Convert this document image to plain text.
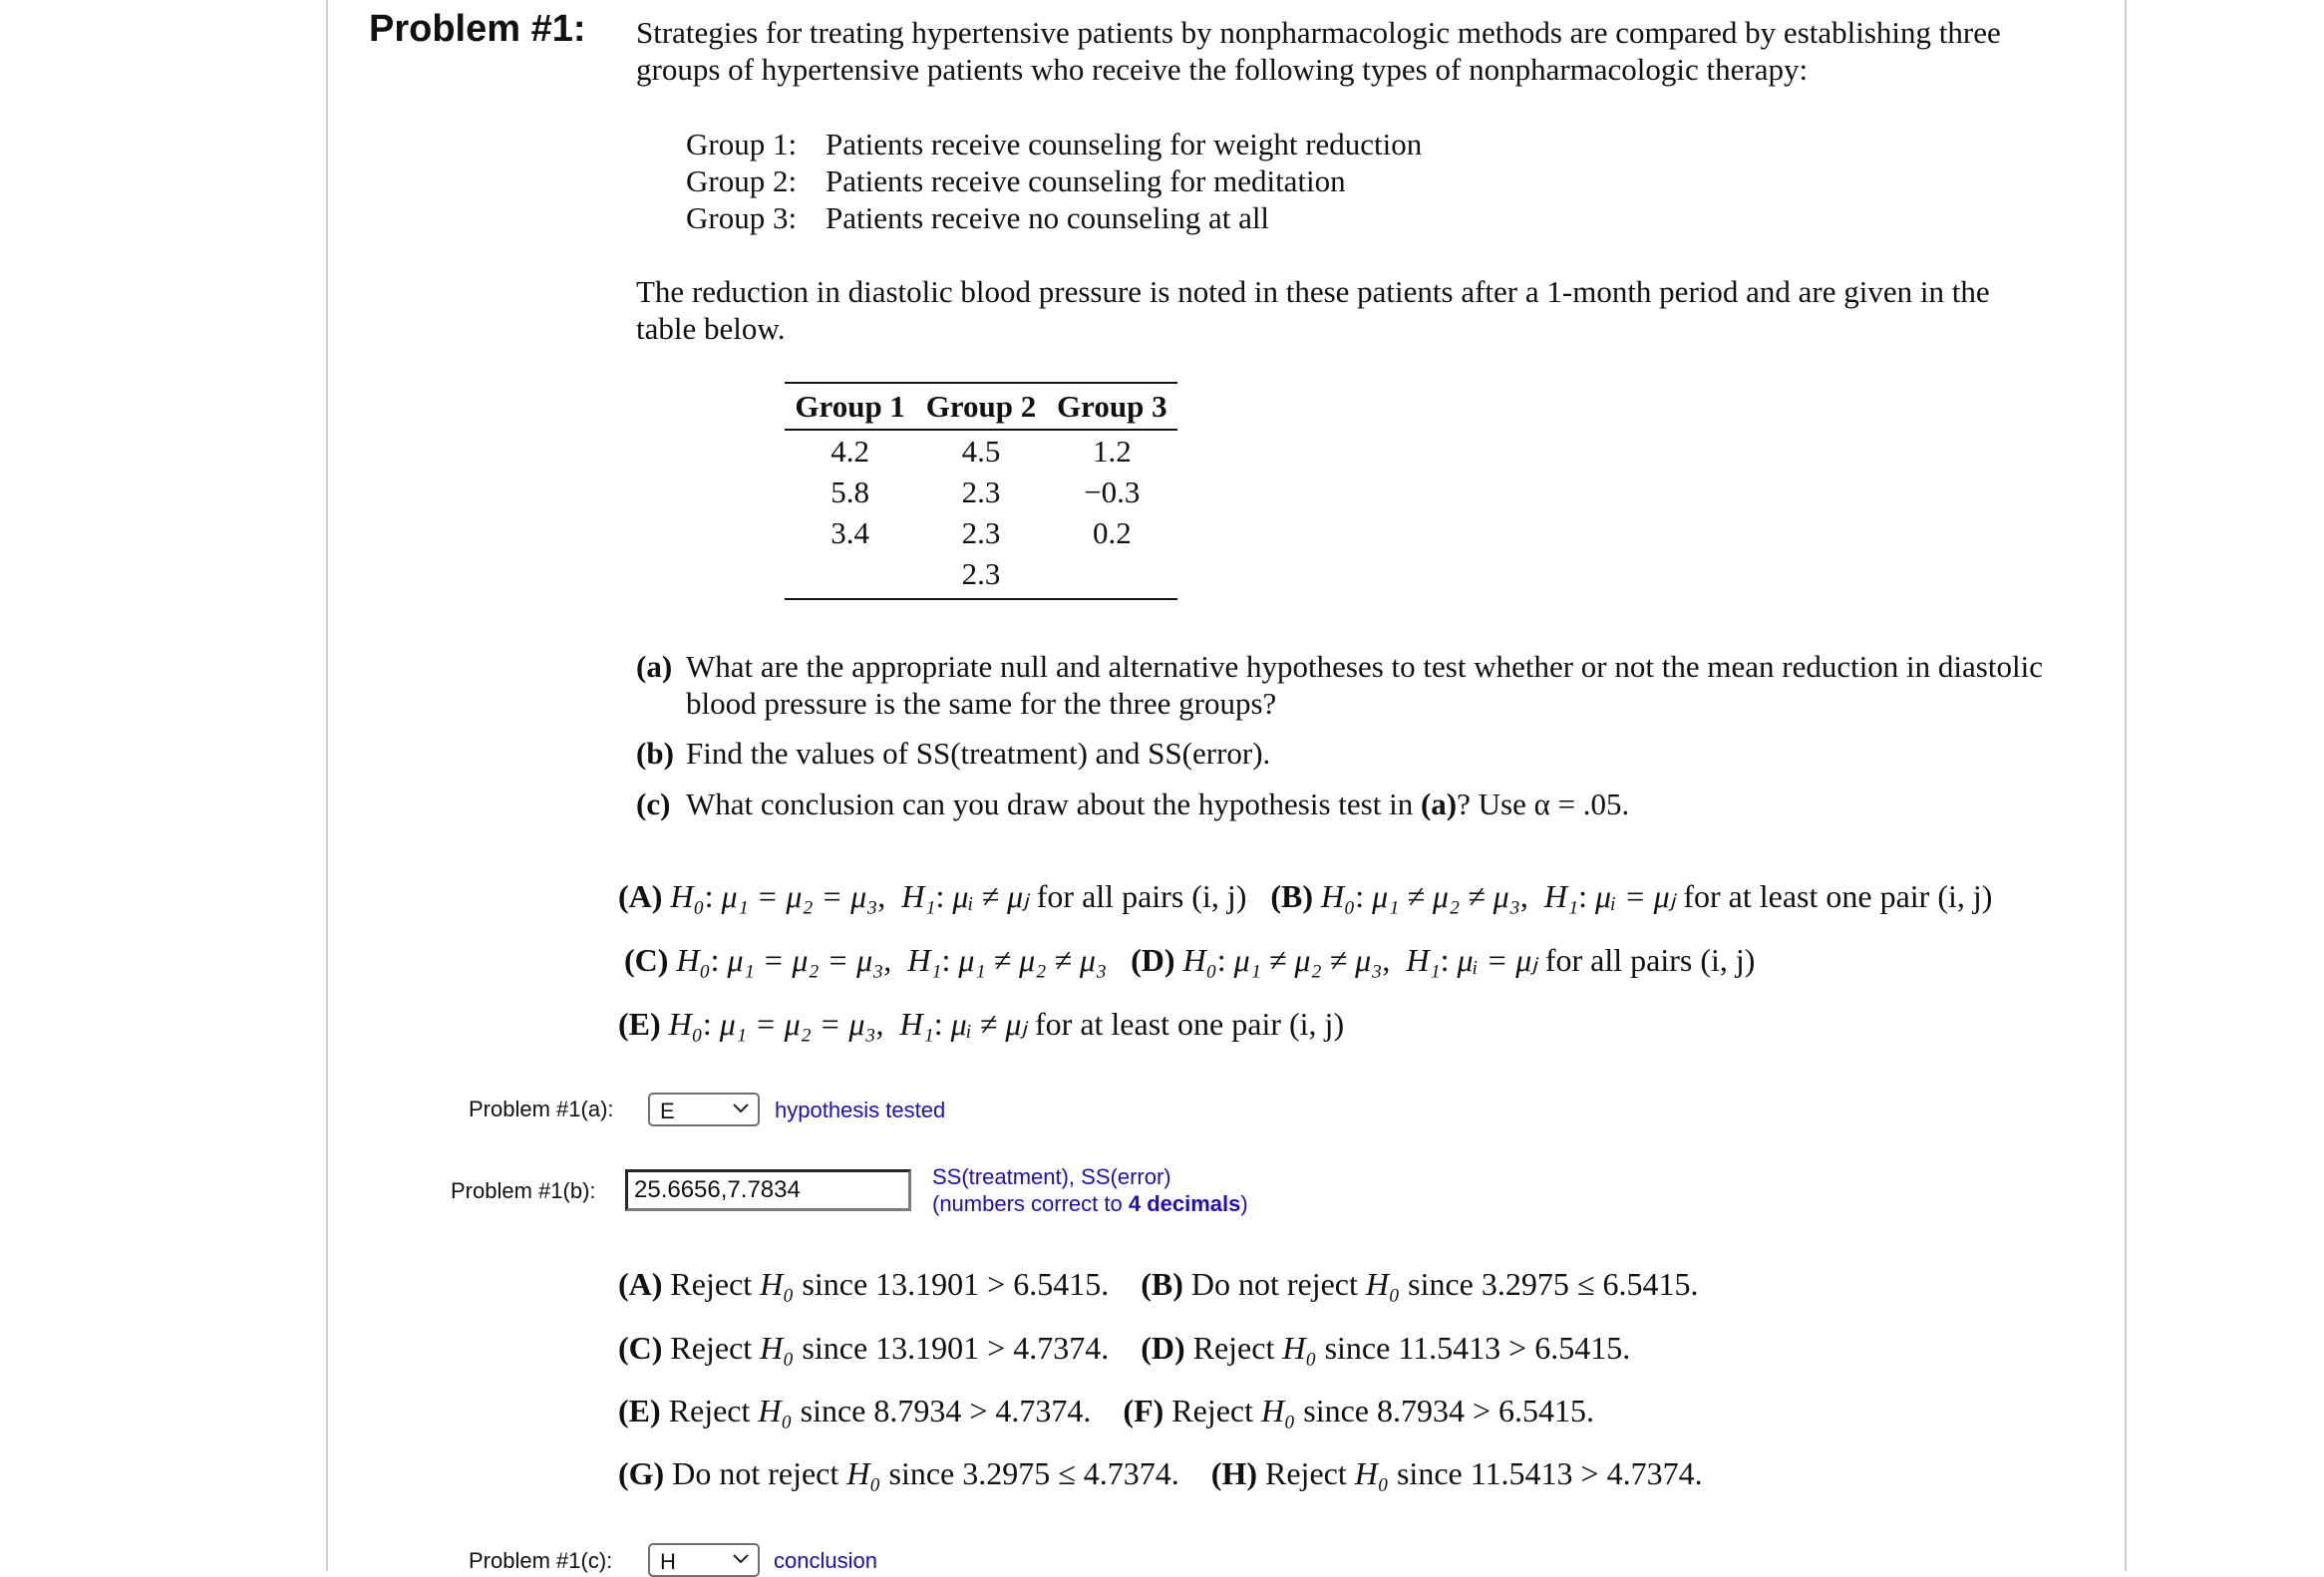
Problem #1: Strategies for treating hypertensive patients by nonpharmacologic methods are compared by establishing three
groups of hypertensive patients who receive the following types of nonpharmacologic therapy:
Group 1: Patients receive counseling for weight reduction
Group 2: Patients receive counseling for meditation
Group 3: Patients receive no counseling at all
The reduction in diastolic blood pressure is noted in these patients after a 1-month period and are given in the
table below.
Group 1	Group 2	Group 3
4.2	4.5	1.2
5.8	2.3	−0.3
3.4	2.3	0.2
	2.3	
(a) What are the appropriate null and alternative hypotheses to test whether or not the mean reduction in diastolic
blood pressure is the same for the three groups?
(b) Find the values of SS(treatment) and SS(error).
(c) What conclusion can you draw about the hypothesis test in (a)? Use α = .05.
(A) H₀: μ₁ = μ₂ = μ₃,  H₁: μᵢ ≠ μⱼ for all pairs (i, j) (B) H₀: μ₁ ≠ μ₂ ≠ μ₃,  H₁: μᵢ = μⱼ for at least one pair (i, j)
(C) H₀: μ₁ = μ₂ = μ₃,  H₁: μ₁ ≠ μ₂ ≠ μ₃ (D) H₀: μ₁ ≠ μ₂ ≠ μ₃,  H₁: μᵢ = μⱼ for all pairs (i, j)
(E) H₀: μ₁ = μ₂ = μ₃,  H₁: μᵢ ≠ μⱼ for at least one pair (i, j)
Problem #1(a): E	hypothesis tested
Problem #1(b):	25.6656,7.7834	SS(treatment), SS(error)
(numbers correct to 4 decimals)
(A) Reject H₀ since 13.1901 > 6.5415. (B) Do not reject H₀ since 3.2975 ≤ 6.5415.
(C) Reject H₀ since 13.1901 > 4.7374. (D) Reject H₀ since 11.5413 > 6.5415.
(E) Reject H₀ since 8.7934 > 4.7374. (F) Reject H₀ since 8.7934 > 6.5415.
(G) Do not reject H₀ since 3.2975 ≤ 4.7374. (H) Reject H₀ since 11.5413 > 4.7374.
Problem #1(c): H	conclusion
